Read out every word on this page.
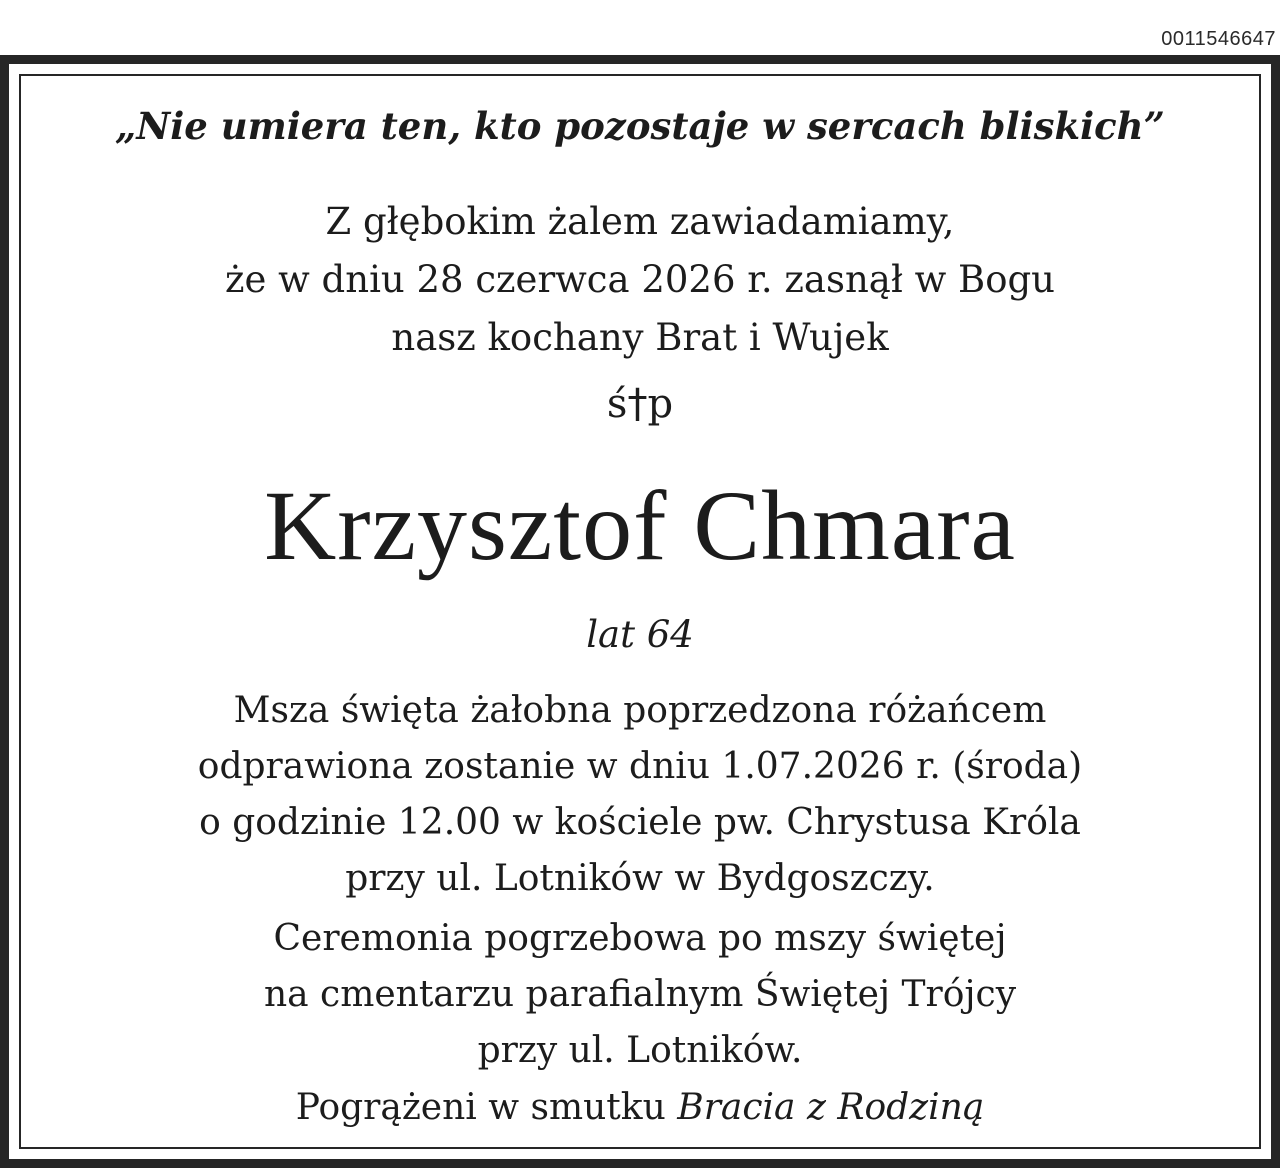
0011546647
„Nie umiera ten, kto pozostaje w sercach bliskich”
Z głębokim żalem zawiadamiamy,
że w dniu 28 czerwca 2026 r. zasnął w Bogu
nasz kochany Brat i Wujek
ś†p
Krzysztof Chmara
lat 64
Msza święta żałobna poprzedzona różańcem
odprawiona zostanie w dniu 1.07.2026 r. (środa)
o godzinie 12.00 w kościele pw. Chrystusa Króla
przy ul. Lotników w Bydgoszczy.
Ceremonia pogrzebowa po mszy świętej
na cmentarzu parafialnym Świętej Trójcy
przy ul. Lotników.
Pogrążeni w smutku Bracia z Rodziną
